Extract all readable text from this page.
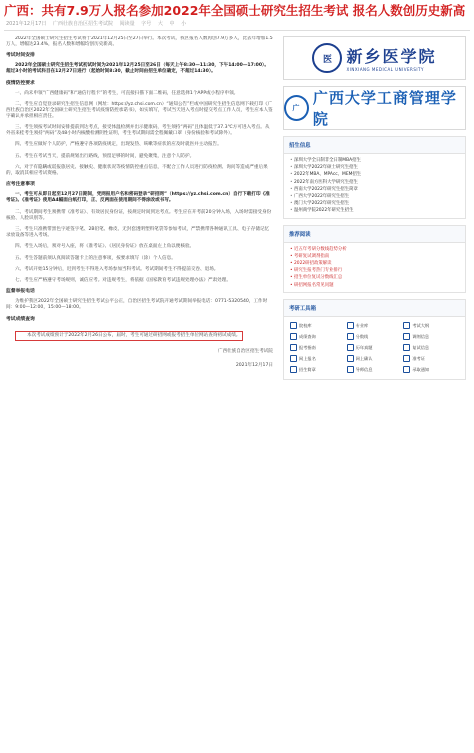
广西：共有7.9万人报名参加2022年全国硕士研究生招生考试 报名人数创历史新高
2021年12月17日 广西壮族自治区招生考试院 阅读量 字号 大 中 小

2022年全国硕士研究生招生考试将于2021年12月25日至27日举行。本次考试，我区报名人数再创7.9万多人，比去年增加1.5万人，增幅达23.4%，报名人数和增幅均创历史新高。

考试时间安排

2022年全国硕士研究生招生考试初试时间为2021年12月25日至26日（每天上午8:30—11:30，下午14:00—17:00）。超过3小时的考试科目在12月27日进行（起始时间8:30，截止时间由招生单位确定，不超过14:30）。

疫情防控要求

一、尚未申领“广西健康码”和“通信行程卡”的考生，可直接扫描下面二维码，任意选择1个APP或小程序申领。

二、考生应自觉登录研究生招生信息网（网址：https://yz.chsi.com.cn）“通知公告”栏或中国研究生招生信息网下载打印《广西壮族自治区2022年全国硕士研究生招生考试疫情防控承诺书》，如实填写，考试当天进入考点时提交考点工作人员，考生应本人签字确认并承担相应责任。

三、考生须按考试时间安排提前到达考点，接受体温检测并出示健康码，考生须持“两码”且体温低于37.3℃方可进入考点。从外省来桂考生须持“两码”及48小时内核酸检测阴性证明，考生考试期间需全程佩戴口罩（身份核验和考试除外）。

四、考生应做好个人防护，严格遵守各项防疫规定，出现发热、咳嗽等症状的应及时就医并主动报告。

五、考生在考试当天，提前规划出行路线，预留足够的时间，避免聚集，注意个人防护。

六、对于有隐瞒或谎报旅居史、接触史、健康状况等疫情防控重点信息，不配合工作人员进行防疫检测、询问等造成严重后果的，取消其相应考试资格。

应考注意事项

一、考生可从即日起至12月27日期间，凭网报用户名和密码登录“研招网”（https://yz.chsi.com.cn）自行下载打印《准考证》。《准考证》使用A4幅面白纸打印，正、反两面在使用期间不得涂改或书写。

二、考试期间考生须携带《准考证》、有效居民身份证，按规定时间到达考点。考生应在开考前20分钟入场，入场时需接受身份核验、人脸识别等。

三、考生只准携带黑色字迹签字笔、2B铅笔、橡皮、无封套透明塑料笔袋等参加考试，严禁携带各种通讯工具、电子存储记忆录放设备等进入考场。

四、考生入场后，须对号入座，将《准考证》、《居民身份证》放在桌面左上角以便核验。

五、考生答题前须认真阅读答题卡上的注意事项，按要求填写（涂）个人信息。

六、考试开始15分钟后，迟到考生不得进入考场参加当科考试。考试期间考生不得提前交卷、退场。

七、考生应严格遵守考场规则，诚信应考。对违规考生，将依据《国家教育考试违规处理办法》严肃处理。

监督举报电话

为维护我区2022年全国硕士研究生招生考试公平公正，自治区招生考试院开通考试期间举报电话：0771-5320540，工作时间：9:00—12:00，15:00—18:00。

考试成绩查询

本次考试成绩预计于2022年2月26日公布，届时，考生可通过研招网或报考招生单位网站查询初试成绩。

广西壮族自治区招生考试院

2021年12月17日

医 新乡医学院
XINXIANG MEDICAL UNIVERSITY
广
广西大学工商管理学院
招生信息
• 深圳大学全日制非全日制MBA招生
• 深圳大学2022年硕士研究生招生
• 2022年MBA、MPAcc、MEM招生
• 2022年南方医科大学研究生招生
• 西南大学2022年研究生招生简章
• 广西大学2022年研究生招生
• 澳门大学2022年研究生招生
• 温州商学院2022年研究生招生
推荐阅读
• 近五年考研分数线趋势分析
• 考研复试调剂指南
• 2022研招政策解读
• 研究生报考热门专业排行
• 招生单位复试分数线汇总
• 研招网报名常见问题
考研工具箱
院校库	专业库	考试大纲
成绩查询	分数线	调剂信息
报考指南	历年真题	复试信息
网上报名	网上确认	准考证
招生简章	导师信息	录取通知
